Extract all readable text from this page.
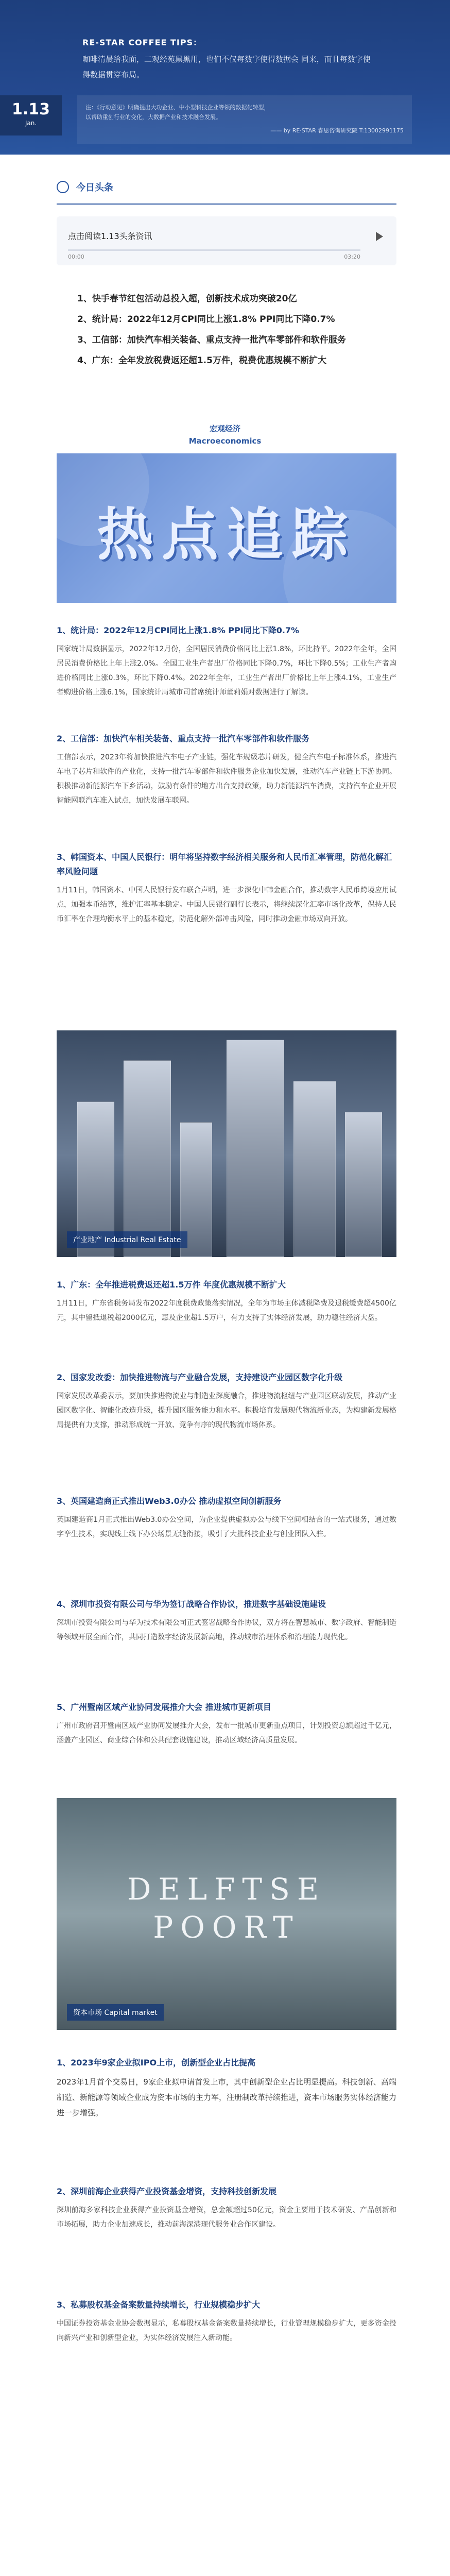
RE-STAR COFFEE TIPS：
咖啡清晨给我面，二观经苑黑黑用，也们不仅每数字使得数据会 同来，而且每数字使得数据贯穿布局。
1.13
Jan.
注：《行动意见》明确提出大功企业、中小型科技企业等领的数据化转型，以帮助重创行业的变化，大数据产业和技术融合发展。
—— by RE·STAR 睿思咨询研究院 T:13002991175
今日头条
点击阅读1.13头条资讯
00:00	03:20
1、快手春节红包活动总投入超，创新技术成功突破20亿
2、统计局：2022年12月CPI同比上涨1.8% PPI同比下降0.7%
3、工信部：加快汽车相关装备、重点支持一批汽车零部件和软件服务
4、广东：全年发放税费返还超1.5万件，税费优惠规模不断扩大
宏观经济
Macroeconomics
热点追踪
1、统计局：2022年12月CPI同比上涨1.8% PPI同比下降0.7%
国家统计局数据显示，2022年12月份，全国居民消费价格同比上涨1.8%，环比持平。2022年全年，全国居民消费价格比上年上涨2.0%。全国工业生产者出厂价格同比下降0.7%，环比下降0.5%；工业生产者购进价格同比上涨0.3%，环比下降0.4%。2022年全年，工业生产者出厂价格比上年上涨4.1%，工业生产者购进价格上涨6.1%，国家统计局城市司首席统计师董莉娟对数据进行了解读。
2、工信部：加快汽车相关装备、重点支持一批汽车零部件和软件服务
工信部表示，2023年将加快推进汽车电子产业链，强化车规级芯片研发，健全汽车电子标准体系，推进汽车电子芯片和软件的产业化，支持一批汽车零部件和软件服务企业加快发展，推动汽车产业链上下游协同。积极推动新能源汽车下乡活动，鼓励有条件的地方出台支持政策，助力新能源汽车消费，支持汽车企业开展智能网联汽车准入试点，加快发展车联网。
3、韩国资本、中国人民银行：明年将坚持数字经济相关服务和人民币汇率管理，防范化解汇率风险问题
1月11日，韩国资本、中国人民银行发布联合声明，进一步深化中韩金融合作，推动数字人民币跨境应用试点，加强本币结算，维护汇率基本稳定。中国人民银行副行长表示，将继续深化汇率市场化改革，保持人民币汇率在合理均衡水平上的基本稳定，防范化解外部冲击风险，同时推动金融市场双向开放。
产业地产 Industrial Real Estate
1、广东：全年推进税费返还超1.5万件 年度优惠规模不断扩大
1月11日，广东省税务局发布2022年度税费政策落实情况，全年为市场主体减税降费及退税缓费超4500亿元，其中留抵退税超2000亿元，惠及企业超1.5万户，有力支持了实体经济发展，助力稳住经济大盘。
2、国家发改委：加快推进物流与产业融合发展，支持建设产业园区数字化升级
国家发展改革委表示，要加快推进物流业与制造业深度融合，推进物流枢纽与产业园区联动发展，推动产业园区数字化、智能化改造升级，提升园区服务能力和水平。积极培育发展现代物流新业态，为构建新发展格局提供有力支撑，推动形成统一开放、竞争有序的现代物流市场体系。
3、英国建造商正式推出Web3.0办公 推动虚拟空间创新服务
英国建造商1月正式推出Web3.0办公空间，为企业提供虚拟办公与线下空间相结合的一站式服务，通过数字孪生技术，实现线上线下办公场景无缝衔接，吸引了大批科技企业与创业团队入驻。
4、深圳市投资有限公司与华为签订战略合作协议，推进数字基础设施建设
深圳市投资有限公司与华为技术有限公司正式签署战略合作协议，双方将在智慧城市、数字政府、智能制造等领域开展全面合作，共同打造数字经济发展新高地，推动城市治理体系和治理能力现代化。
5、广州暨南区域产业协同发展推介大会 推进城市更新项目
广州市政府召开暨南区域产业协同发展推介大会，发布一批城市更新重点项目，计划投资总额超过千亿元，涵盖产业园区、商业综合体和公共配套设施建设，推动区域经济高质量发展。
DELFTSE POORT
资本市场 Capital market
1、2023年9家企业拟IPO上市，创新型企业占比提高
2023年1月首个交易日，9家企业拟申请首发上市，其中创新型企业占比明显提高。科技创新、高端制造、新能源等领域企业成为资本市场的主力军，注册制改革持续推进，资本市场服务实体经济能力进一步增强。
2、深圳前海企业获得产业投资基金增资，支持科技创新发展
深圳前海多家科技企业获得产业投资基金增资，总金额超过50亿元，资金主要用于技术研发、产品创新和市场拓展，助力企业加速成长，推动前海深港现代服务业合作区建设。
3、私募股权基金备案数量持续增长，行业规模稳步扩大
中国证券投资基金业协会数据显示，私募股权基金备案数量持续增长，行业管理规模稳步扩大，更多资金投向新兴产业和创新型企业，为实体经济发展注入新动能。
